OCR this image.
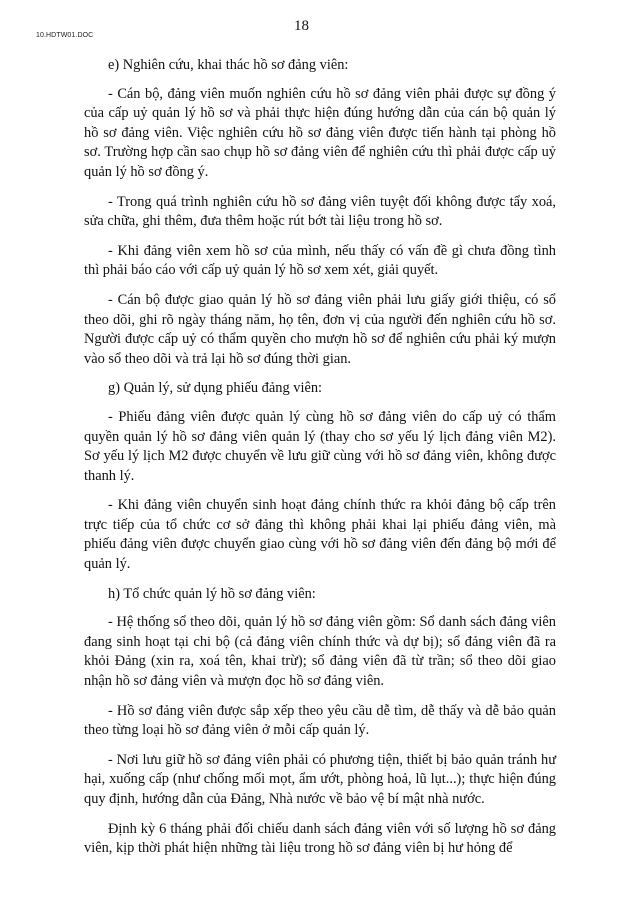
10.HDTW01.DOC
18

e) Nghiên cứu, khai thác hồ sơ đảng viên:

- Cán bộ, đảng viên muốn nghiên cứu hồ sơ đảng viên phải được sự đồng ý của cấp uỷ quản lý hồ sơ và phải thực hiện đúng hướng dẫn của cán bộ quản lý hồ sơ đảng viên. Việc nghiên cứu hồ sơ đảng viên được tiến hành tại phòng hồ sơ. Trường hợp cần sao chụp hồ sơ đảng viên để nghiên cứu thì phải được cấp uỷ quản lý hồ sơ đồng ý.

- Trong quá trình nghiên cứu hồ sơ đảng viên tuyệt đối không được tẩy xoá, sửa chữa, ghi thêm, đưa thêm hoặc rút bớt tài liệu trong hồ sơ.

- Khi đảng viên xem hồ sơ của mình, nếu thấy có vấn đề gì chưa đồng tình thì phải báo cáo với cấp uỷ quản lý hồ sơ xem xét, giải quyết.

- Cán bộ được giao quản lý hồ sơ đảng viên phải lưu giấy giới thiệu, có sổ theo dõi, ghi rõ ngày tháng năm, họ tên, đơn vị của người đến nghiên cứu hồ sơ. Người được cấp uỷ có thẩm quyền cho mượn hồ sơ để nghiên cứu phải ký mượn vào sổ theo dõi và trả lại hồ sơ đúng thời gian.

g) Quản lý, sử dụng phiếu đảng viên:

- Phiếu đảng viên được quản lý cùng hồ sơ đảng viên do cấp uỷ có thẩm quyền quản lý hồ sơ đảng viên quản lý (thay cho sơ yếu lý lịch đảng viên M2). Sơ yếu lý lịch M2 được chuyển về lưu giữ cùng với hồ sơ đảng viên, không được thanh lý.

- Khi đảng viên chuyển sinh hoạt đảng chính thức ra khỏi đảng bộ cấp trên trực tiếp của tổ chức cơ sở đảng thì không phải khai lại phiếu đảng viên, mà phiếu đảng viên được chuyển giao cùng với hồ sơ đảng viên đến đảng bộ mới để quản lý.

h) Tổ chức quản lý hồ sơ đảng viên:

- Hệ thống sổ theo dõi, quản lý hồ sơ đảng viên gồm: Sổ danh sách đảng viên đang sinh hoạt tại chi bộ (cả đảng viên chính thức và dự bị); sổ đảng viên đã ra khỏi Đảng (xin ra, xoá tên, khai trừ); sổ đảng viên đã từ trần; sổ theo dõi giao nhận hồ sơ đảng viên và mượn đọc hồ sơ đảng viên.

- Hồ sơ đảng viên được sắp xếp theo yêu cầu dễ tìm, dễ thấy và dễ bảo quản theo từng loại hồ sơ đảng viên ở mỗi cấp quản lý.

- Nơi lưu giữ hồ sơ đảng viên phải có phương tiện, thiết bị bảo quản tránh hư hại, xuống cấp (như chống mối mọt, ẩm ướt, phòng hoả, lũ lụt...); thực hiện đúng quy định, hướng dẫn của Đảng, Nhà nước về bảo vệ bí mật nhà nước.

Định kỳ 6 tháng phải đối chiếu danh sách đảng viên với số lượng hồ sơ đảng viên, kịp thời phát hiện những tài liệu trong hồ sơ đảng viên bị hư hỏng để
